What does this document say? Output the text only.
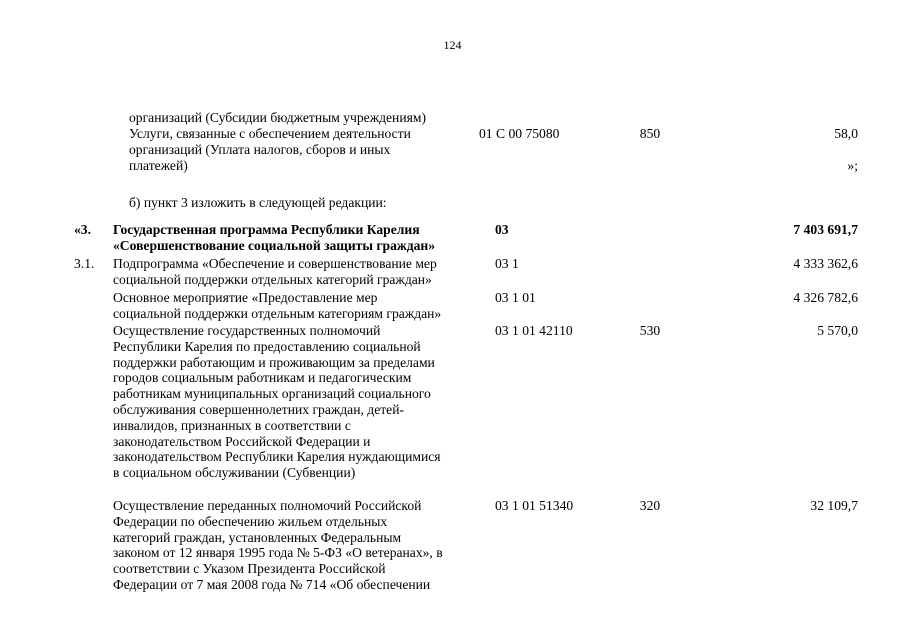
124
организаций (Субсидии бюджетным учреждениям)
Услуги, связанные с обеспечением деятельности
организаций (Уплата налогов, сборов и иных
платежей)
01 С 00 75080	850	58,0
»;
б) пункт 3 изложить в следующей редакции:
«3. Государственная программа Республики Карелия
«Совершенствование социальной защиты граждан»
03	7 403 691,7
3.1. Подпрограмма «Обеспечение и совершенствование мер
социальной поддержки отдельных категорий граждан»
03 1	4 333 362,6
Основное мероприятие «Предоставление мер
социальной поддержки отдельным категориям граждан»
03 1 01	4 326 782,6
Осуществление государственных полномочий
Республики Карелия по предоставлению социальной
поддержки работающим и проживающим за пределами
городов социальным работникам и педагогическим
работникам муниципальных организаций социального
обслуживания совершеннолетних граждан, детей-
инвалидов, признанных в соответствии с
законодательством Российской Федерации и
законодательством Республики Карелия нуждающимися
в социальном обслуживании (Субвенции)
03 1 01 42110	530	5 570,0
Осуществление переданных полномочий Российской
Федерации по обеспечению жильем отдельных
категорий граждан, установленных Федеральным
законом от 12 января 1995 года № 5-ФЗ «О ветеранах», в
соответствии с Указом Президента Российской
Федерации от 7 мая 2008 года № 714 «Об обеспечении
03 1 01 51340	320	32 109,7
